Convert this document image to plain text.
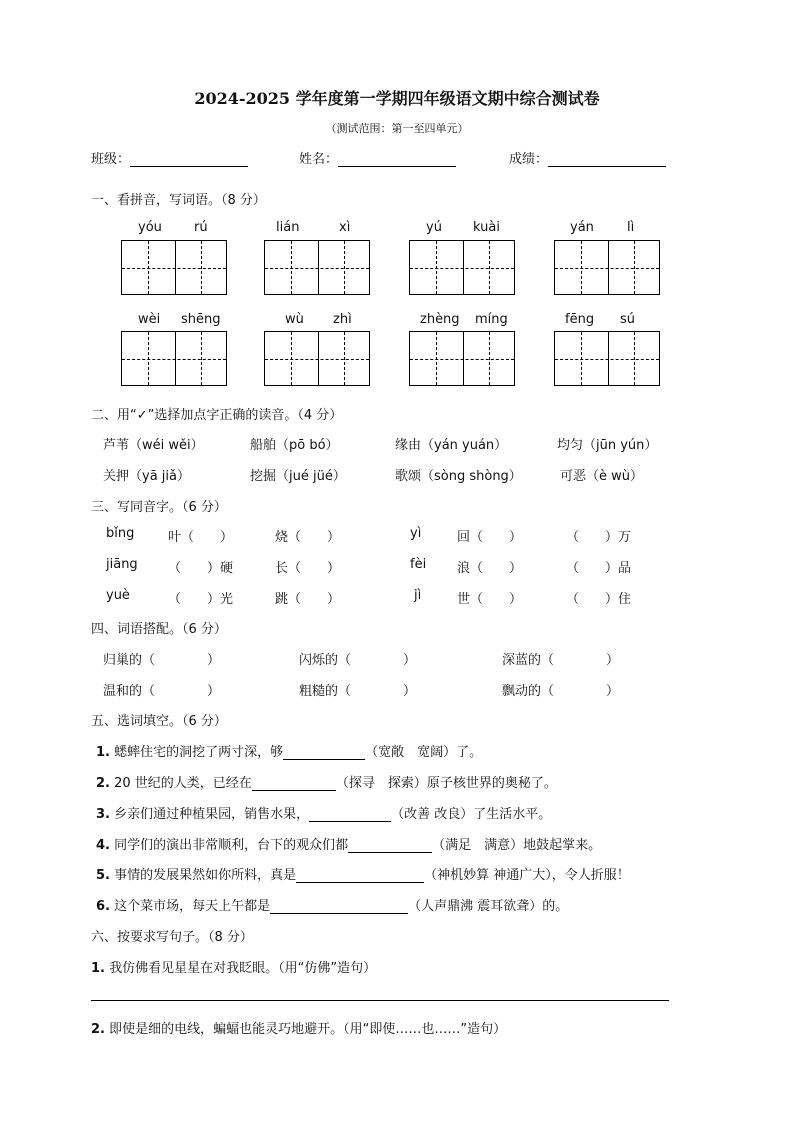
2024-2025 学年度第一学期四年级语文期中综合测试卷
（测试范围：第一至四单元）
班级：	姓名：	成绩：
一、看拼音，写词语。（8 分）
yóu rú	lián	xì	yú kuài	yán	lì
wèi shēng	wù zhì	zhèng míng	fēng sú
二、用“✓”选择加点字正确的读音。（4 分）
芦苇（wéi wěi）	船舶（pō bó）	缘由（yán yuán）	均匀（jūn yún）
关押（yā jiǎ）	挖掘（jué jüé）	歌颂（sòng shòng）	可恶（è wù）
三、写同音字。（6 分）
bǐng	叶（　　）	烧（　　）	yì	回（　　）	（　　）万
jiāng （　　）硬	长（　　）	fèi 浪（　　）	（　　）品
yuè	（　　）光	跳（　　）	jì	世（　　）	（　　）住
四、词语搭配。（6 分）
归巢的（　　　　）	闪烁的（　　　　）	深蓝的（　　　　）
温和的（　　　　）	粗糙的（　　　　）	飘动的（　　　　）
五、选词填空。（6 分）
1. 蟋蟀住宅的洞挖了两寸深，够	（宽敞　宽阔）了。
2. 20 世纪的人类，已经在	（探寻　探索）原子核世界的奥秘了。
3. 乡亲们通过种植果园，销售水果，	（改善 改良）了生活水平。
4. 同学们的演出非常顺利，台下的观众们都	（满足　满意）地鼓起掌来。
5. 事情的发展果然如你所料，真是	（神机妙算 神通广大），令人折服！
6. 这个菜市场，每天上午都是	（人声鼎沸 震耳欲聋）的。
六、按要求写句子。（8 分）
1. 我仿佛看见星星在对我眨眼。（用“仿佛”造句）
2. 即使是细的电线，蝙蝠也能灵巧地避开。（用“即使……也……”造句）
